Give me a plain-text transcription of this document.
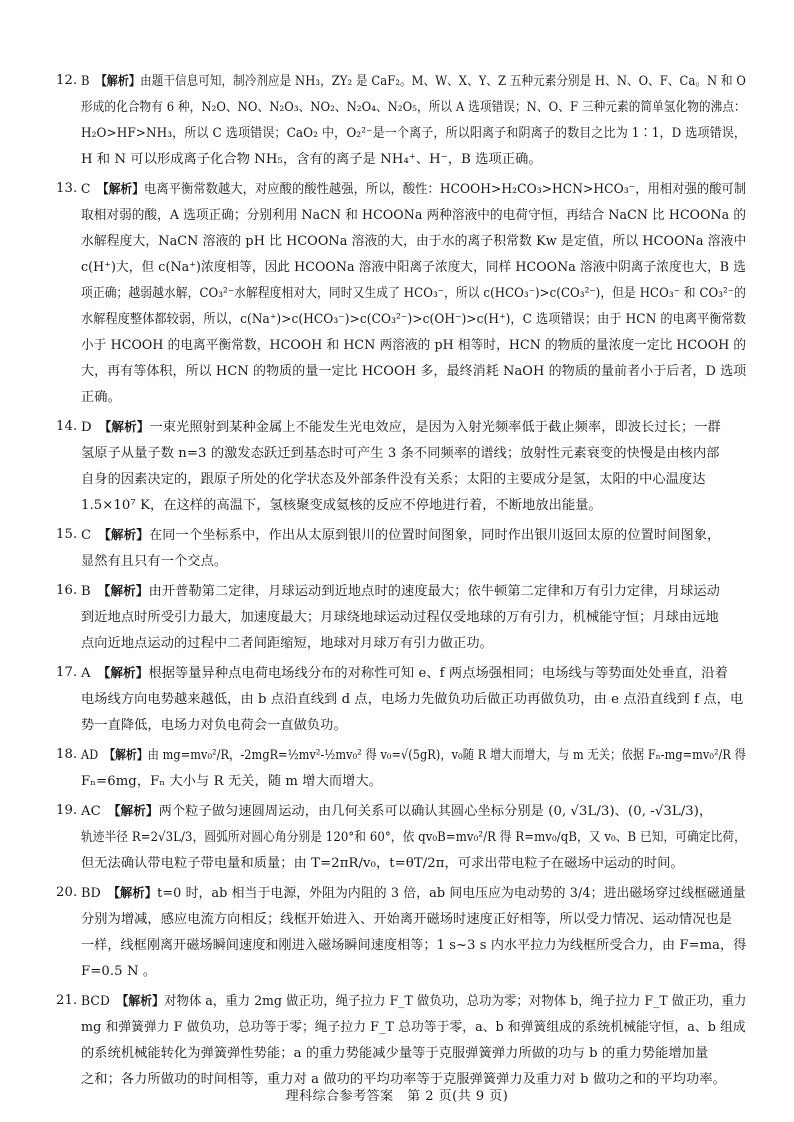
12. B 【解析】由题干信息可知，制冷剂应是 NH₃，ZY₂ 是 CaF₂。M、W、X、Y、Z 五种元素分别是 H、N、O、F、Ca。N 和 O
形成的化合物有 6 种，N₂O、NO、N₂O₃、NO₂、N₂O₄、N₂O₅，所以 A 选项错误；N、O、F 三种元素的简单氢化物的沸点：
H₂O>HF>NH₃，所以 C 选项错误；CaO₂ 中，O₂²⁻是一个离子，所以阳离子和阴离子的数目之比为 1∶1，D 选项错误，
H 和 N 可以形成离子化合物 NH₅，含有的离子是 NH₄⁺、H⁻，B 选项正确。
13. C 【解析】电离平衡常数越大，对应酸的酸性越强，所以，酸性：HCOOH>H₂CO₃>HCN>HCO₃⁻，用相对强的酸可制
取相对弱的酸，A 选项正确；分别利用 NaCN 和 HCOONa 两种溶液中的电荷守恒，再结合 NaCN 比 HCOONa 的
水解程度大，NaCN 溶液的 pH 比 HCOONa 溶液的大，由于水的离子积常数 Kw 是定值，所以 HCOONa 溶液中
c(H⁺)大，但 c(Na⁺)浓度相等，因此 HCOONa 溶液中阳离子浓度大，同样 HCOONa 溶液中阴离子浓度也大，B 选
项正确；越弱越水解，CO₃²⁻水解程度相对大，同时又生成了 HCO₃⁻，所以 c(HCO₃⁻)>c(CO₃²⁻)，但是 HCO₃⁻ 和 CO₃²⁻的
水解程度整体都较弱，所以，c(Na⁺)>c(HCO₃⁻)>c(CO₃²⁻)>c(OH⁻)>c(H⁺)，C 选项错误；由于 HCN 的电离平衡常数
小于 HCOOH 的电离平衡常数，HCOOH 和 HCN 两溶液的 pH 相等时，HCN 的物质的量浓度一定比 HCOOH 的
大，再有等体积，所以 HCN 的物质的量一定比 HCOOH 多，最终消耗 NaOH 的物质的量前者小于后者，D 选项
正确。
14. D 【解析】一束光照射到某种金属上不能发生光电效应，是因为入射光频率低于截止频率，即波长过长；一群
氢原子从量子数 n=3 的激发态跃迁到基态时可产生 3 条不同频率的谱线；放射性元素衰变的快慢是由核内部
自身的因素决定的，跟原子所处的化学状态及外部条件没有关系；太阳的主要成分是氢，太阳的中心温度达
1.5×10⁷ K，在这样的高温下，氢核聚变成氦核的反应不停地进行着，不断地放出能量。
15. C 【解析】在同一个坐标系中，作出从太原到银川的位置时间图象，同时作出银川返回太原的位置时间图象，
显然有且只有一个交点。
16. B 【解析】由开普勒第二定律，月球运动到近地点时的速度最大；依牛顿第二定律和万有引力定律，月球运动
到近地点时所受引力最大，加速度最大；月球绕地球运动过程仅受地球的万有引力，机械能守恒；月球由远地
点向近地点运动的过程中二者间距缩短，地球对月球万有引力做正功。
17. A 【解析】根据等量异种点电荷电场线分布的对称性可知 e、f 两点场强相同；电场线与等势面处处垂直，沿着
电场线方向电势越来越低，由 b 点沿直线到 d 点，电场力先做负功后做正功再做负功，由 e 点沿直线到 f 点，电
势一直降低，电场力对负电荷会一直做负功。
18. AD 【解析】由 mg=mv₀²/R，-2mgR=½mv²-½mv₀² 得 v₀=√(5gR)，v₀随 R 增大而增大，与 m 无关；依据 Fₙ-mg=mv₀²/R 得
Fₙ=6mg，Fₙ 大小与 R 无关，随 m 增大而增大。
19. AC 【解析】两个粒子做匀速圆周运动，由几何关系可以确认其圆心坐标分别是 (0, √3L/3)、(0, -√3L/3)，
轨迹半径 R=2√3L/3，圆弧所对圆心角分别是 120°和 60°，依 qv₀B=mv₀²/R 得 R=mv₀/qB，又 v₀、B 已知，可确定比荷，
但无法确认带电粒子带电量和质量；由 T=2πR/v₀，t=θT/2π，可求出带电粒子在磁场中运动的时间。
20. BD 【解析】t=0 时，ab 相当于电源，外阻为内阻的 3 倍，ab 间电压应为电动势的 3/4；进出磁场穿过线框磁通量
分别为增减，感应电流方向相反；线框开始进入、开始离开磁场时速度正好相等，所以受力情况、运动情况也是
一样，线框刚离开磁场瞬间速度和刚进入磁场瞬间速度相等；1 s~3 s 内水平拉力为线框所受合力，由 F=ma，得
F=0.5 N 。
21. BCD 【解析】对物体 a，重力 2mg 做正功，绳子拉力 F_T 做负功，总功为零；对物体 b，绳子拉力 F_T 做正功，重力
mg 和弹簧弹力 F 做负功，总功等于零；绳子拉力 F_T 总功等于零，a、b 和弹簧组成的系统机械能守恒，a、b 组成
的系统机械能转化为弹簧弹性势能；a 的重力势能减少量等于克服弹簧弹力所做的功与 b 的重力势能增加量
之和；各力所做功的时间相等，重力对 a 做功的平均功率等于克服弹簧弹力及重力对 b 做功之和的平均功率。
理科综合参考答案　第 2 页(共 9 页)
